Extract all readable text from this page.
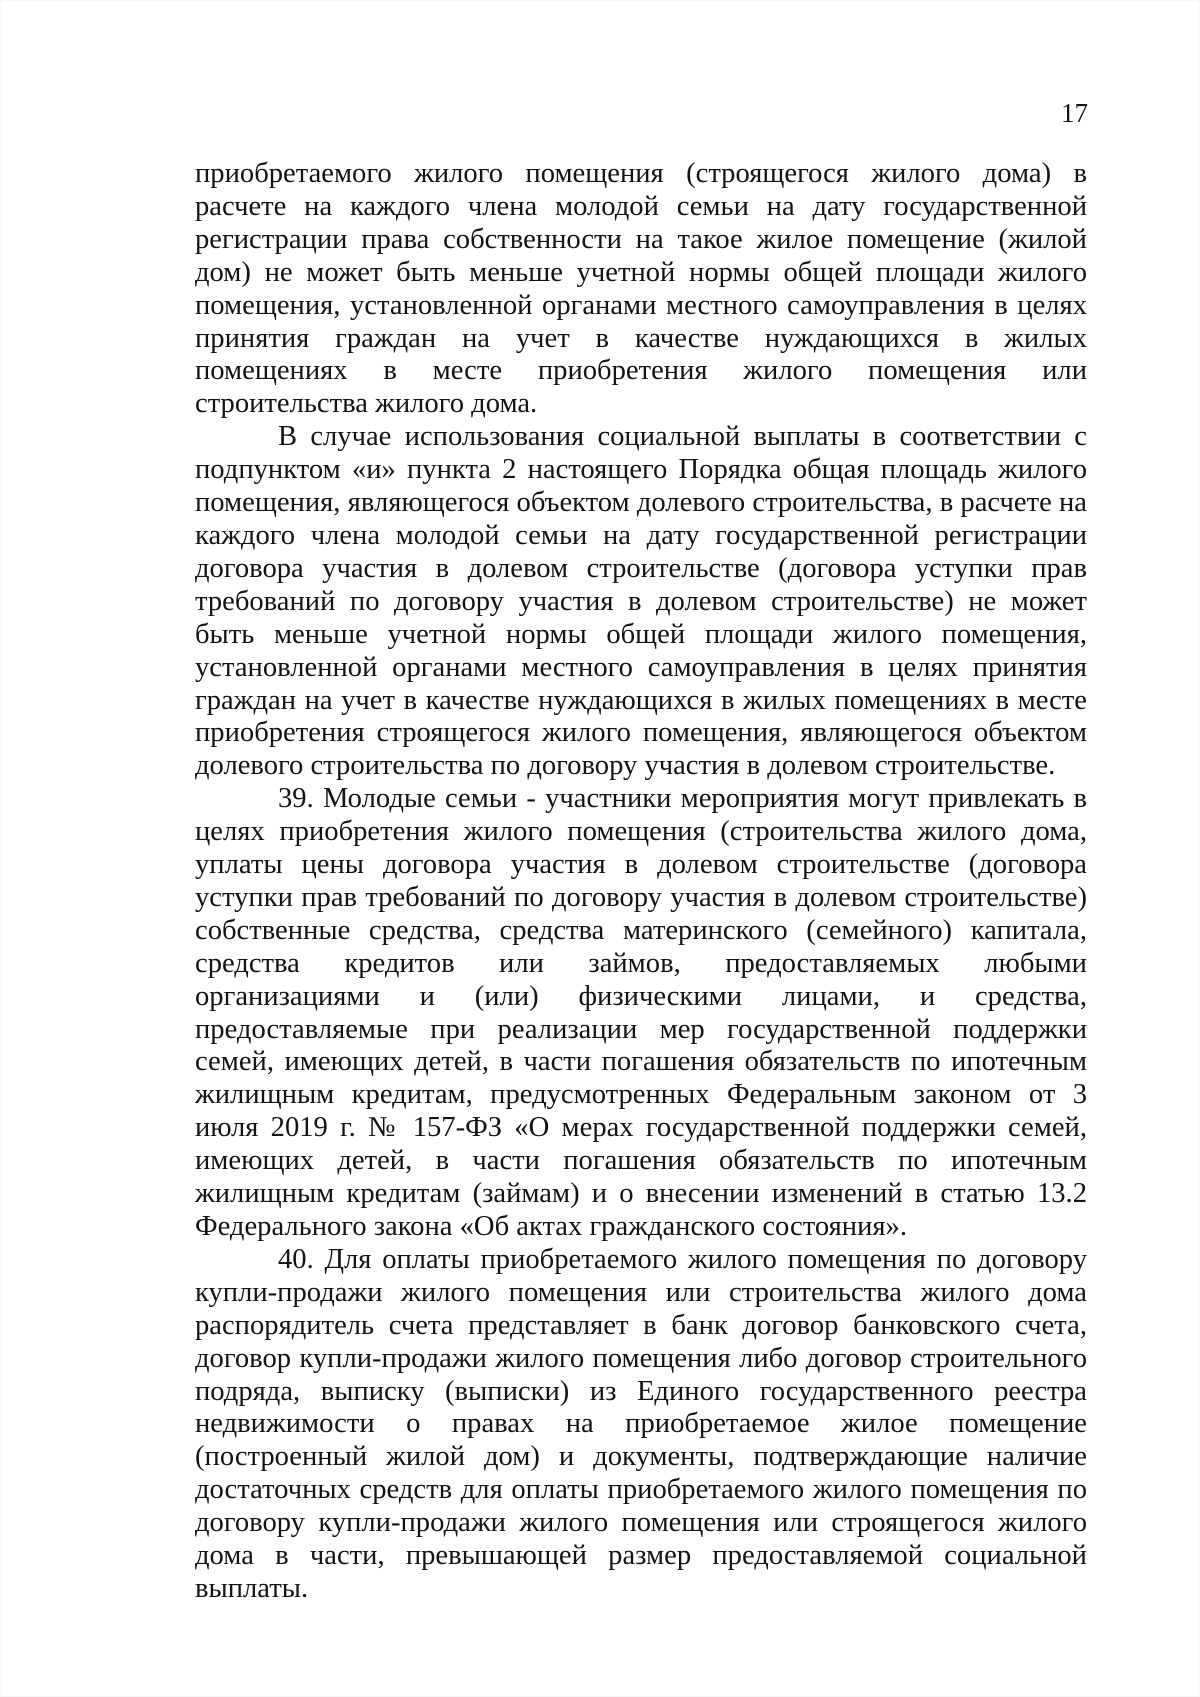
17

приобретаемого жилого помещения (строящегося жилого дома) в расчете на каждого члена молодой семьи на дату государственной регистрации права собственности на такое жилое помещение (жилой дом) не может быть меньше учетной нормы общей площади жилого помещения, установленной органами местного самоуправления в целях принятия граждан на учет в качестве нуждающихся в жилых помещениях в месте приобретения жилого помещения или строительства жилого дома.

В случае использования социальной выплаты в соответствии с подпунктом «и» пункта 2 настоящего Порядка общая площадь жилого помещения, являющегося объектом долевого строительства, в расчете на каждого члена молодой семьи на дату государственной регистрации договора участия в долевом строительстве (договора уступки прав требований по договору участия в долевом строительстве) не может быть меньше учетной нормы общей площади жилого помещения, установленной органами местного самоуправления в целях принятия граждан на учет в качестве нуждающихся в жилых помещениях в месте приобретения строящегося жилого помещения, являющегося объектом долевого строительства по договору участия в долевом строительстве.

39. Молодые семьи - участники мероприятия могут привлекать в целях приобретения жилого помещения (строительства жилого дома, уплаты цены договора участия в долевом строительстве (договора уступки прав требований по договору участия в долевом строительстве) собственные средства, средства материнского (семейного) капитала, средства кредитов или займов, предоставляемых любыми организациями и (или) физическими лицами, и средства, предоставляемые при реализации мер государственной поддержки семей, имеющих детей, в части погашения обязательств по ипотечным жилищным кредитам, предусмотренных Федеральным законом от 3 июля 2019 г. № 157-ФЗ «О мерах государственной поддержки семей, имеющих детей, в части погашения обязательств по ипотечным жилищным кредитам (займам) и о внесении изменений в статью 13.2 Федерального закона «Об актах гражданского состояния».

40. Для оплаты приобретаемого жилого помещения по договору купли-продажи жилого помещения или строительства жилого дома распорядитель счета представляет в банк договор банковского счета, договор купли-продажи жилого помещения либо договор строительного подряда, выписку (выписки) из Единого государственного реестра недвижимости о правах на приобретаемое жилое помещение (построенный жилой дом) и документы, подтверждающие наличие достаточных средств для оплаты приобретаемого жилого помещения по договору купли-продажи жилого помещения или строящегося жилого дома в части, превышающей размер предоставляемой социальной выплаты.
